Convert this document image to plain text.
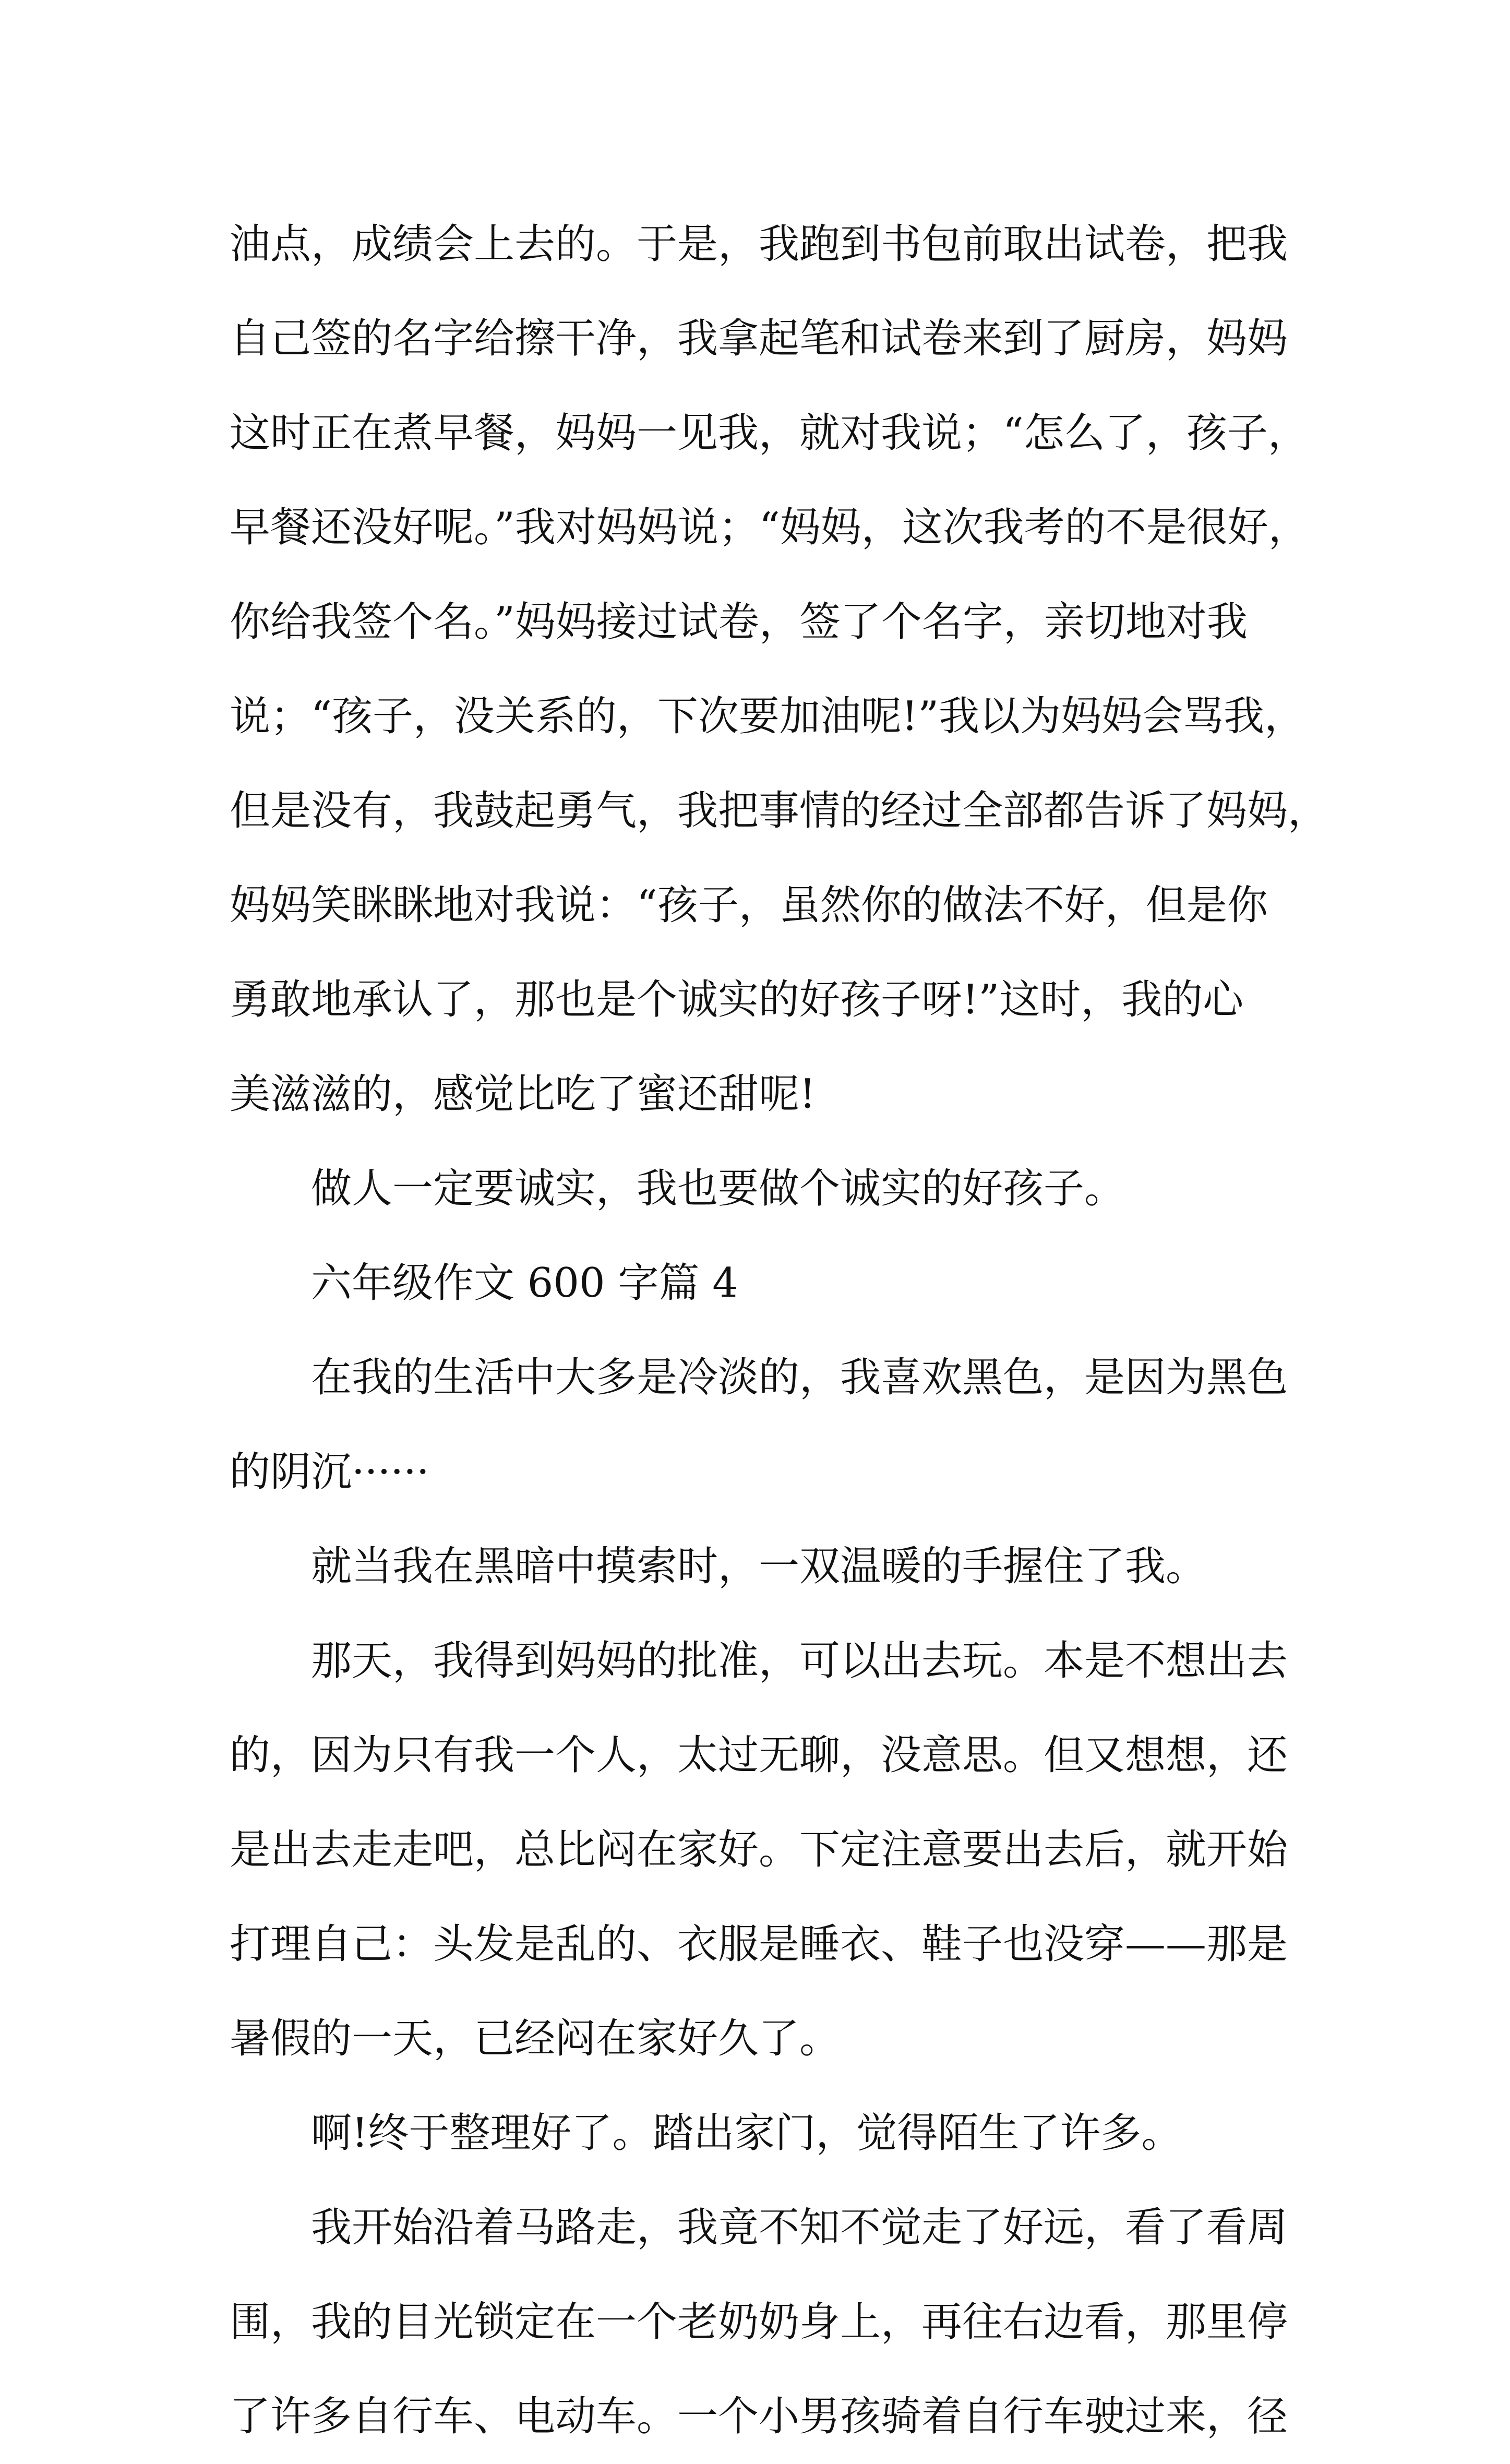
油点，成绩会上去的。于是，我跑到书包前取出试卷，把我
自己签的名字给擦干净，我拿起笔和试卷来到了厨房，妈妈
这时正在煮早餐，妈妈一见我，就对我说；“怎么了，孩子，
早餐还没好呢。”我对妈妈说；“妈妈，这次我考的不是很好，
你给我签个名。”妈妈接过试卷，签了个名字，亲切地对我
说；“孩子，没关系的，下次要加油呢!”我以为妈妈会骂我，
但是没有，我鼓起勇气，我把事情的经过全部都告诉了妈妈，
妈妈笑眯眯地对我说：“孩子，虽然你的做法不好，但是你
勇敢地承认了，那也是个诚实的好孩子呀!”这时，我的心
美滋滋的，感觉比吃了蜜还甜呢!
做人一定要诚实，我也要做个诚实的好孩子。
六年级作文 600 字篇 4
在我的生活中大多是冷淡的，我喜欢黑色，是因为黑色
的阴沉······
就当我在黑暗中摸索时，一双温暖的手握住了我。
那天，我得到妈妈的批准，可以出去玩。本是不想出去
的，因为只有我一个人，太过无聊，没意思。但又想想，还
是出去走走吧，总比闷在家好。下定注意要出去后，就开始
打理自己：头发是乱的、衣服是睡衣、鞋子也没穿——那是
暑假的一天，已经闷在家好久了。
啊!终于整理好了。踏出家门，觉得陌生了许多。
我开始沿着马路走，我竟不知不觉走了好远，看了看周
围，我的目光锁定在一个老奶奶身上，再往右边看，那里停
了许多自行车、电动车。一个小男孩骑着自行车驶过来，径
